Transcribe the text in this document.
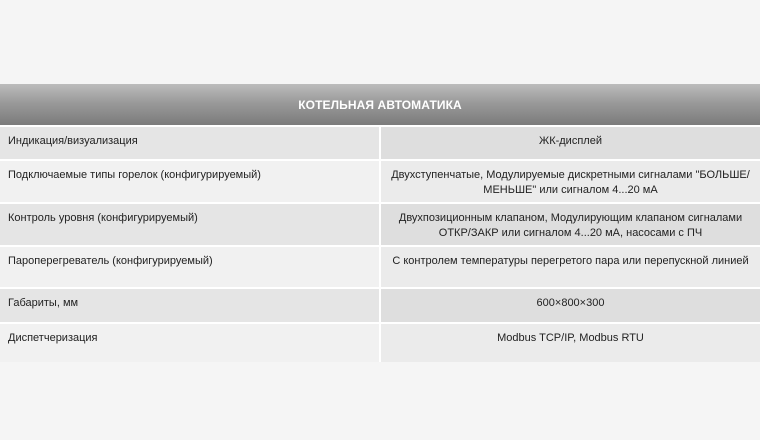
КОТЕЛЬНАЯ АВТОМАТИКА	
Индикация/визуализация	ЖК-дисплей
Подключаемые типы горелок (конфигурируемый)	Двухступенчатые, Модулируемые дискретными сигналами "БОЛЬШЕ/МЕНЬШЕ" или сигналом 4...20 мА
Контроль уровня (конфигурируемый)	Двухпозиционным клапаном, Модулирующим клапаном сигналами ОТКР/ЗАКР или сигналом 4...20 мА, насосами с ПЧ
Пароперегреватель (конфигурируемый)	С контролем температуры перегретого пара или перепускной линией
Габариты, мм	600×800×300
Диспетчеризация	Modbus TCP/IP, Modbus RTU
